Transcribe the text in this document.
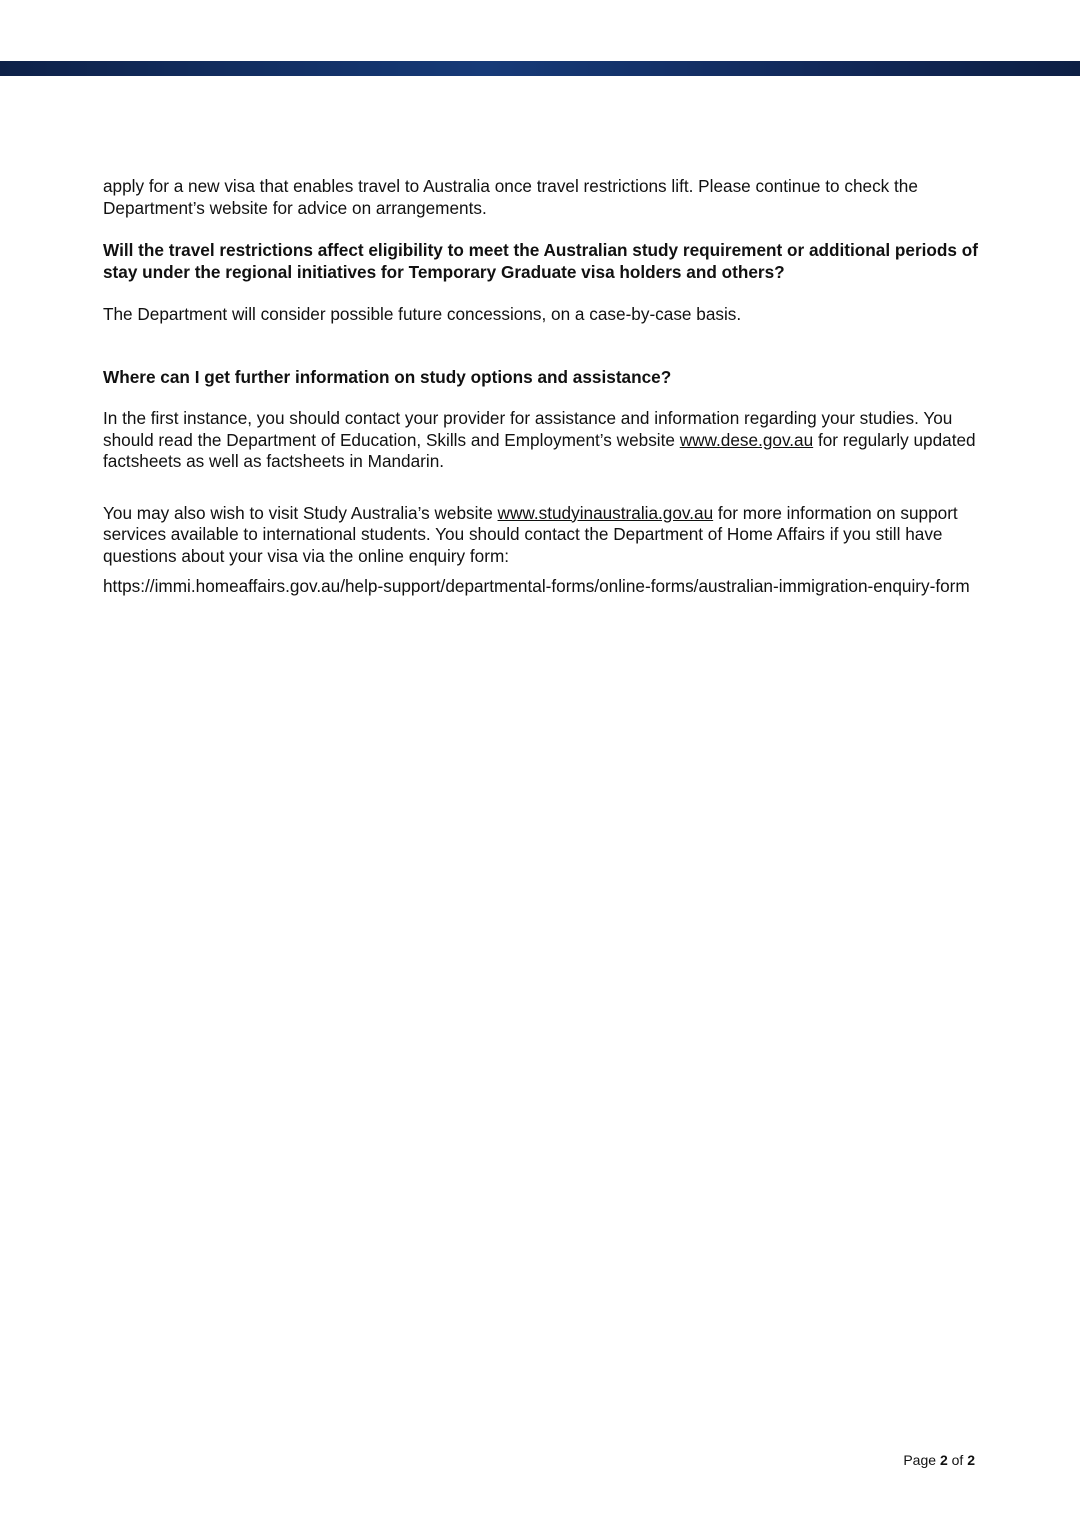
apply for a new visa that enables travel to Australia once travel restrictions lift. Please continue to check the Department’s website for advice on arrangements.

Will the travel restrictions affect eligibility to meet the Australian study requirement or additional periods of stay under the regional initiatives for Temporary Graduate visa holders and others?

The Department will consider possible future concessions, on a case-by-case basis.

Where can I get further information on study options and assistance?

In the first instance, you should contact your provider for assistance and information regarding your studies. You should read the Department of Education, Skills and Employment’s website www.dese.gov.au for regularly updated factsheets as well as factsheets in Mandarin.

You may also wish to visit Study Australia’s website www.studyinaustralia.gov.au for more information on support services available to international students. You should contact the Department of Home Affairs if you still have questions about your visa via the online enquiry form:

https://immi.homeaffairs.gov.au/help-support/departmental-forms/online-forms/australian-immigration-enquiry-form

Page 2 of 2
